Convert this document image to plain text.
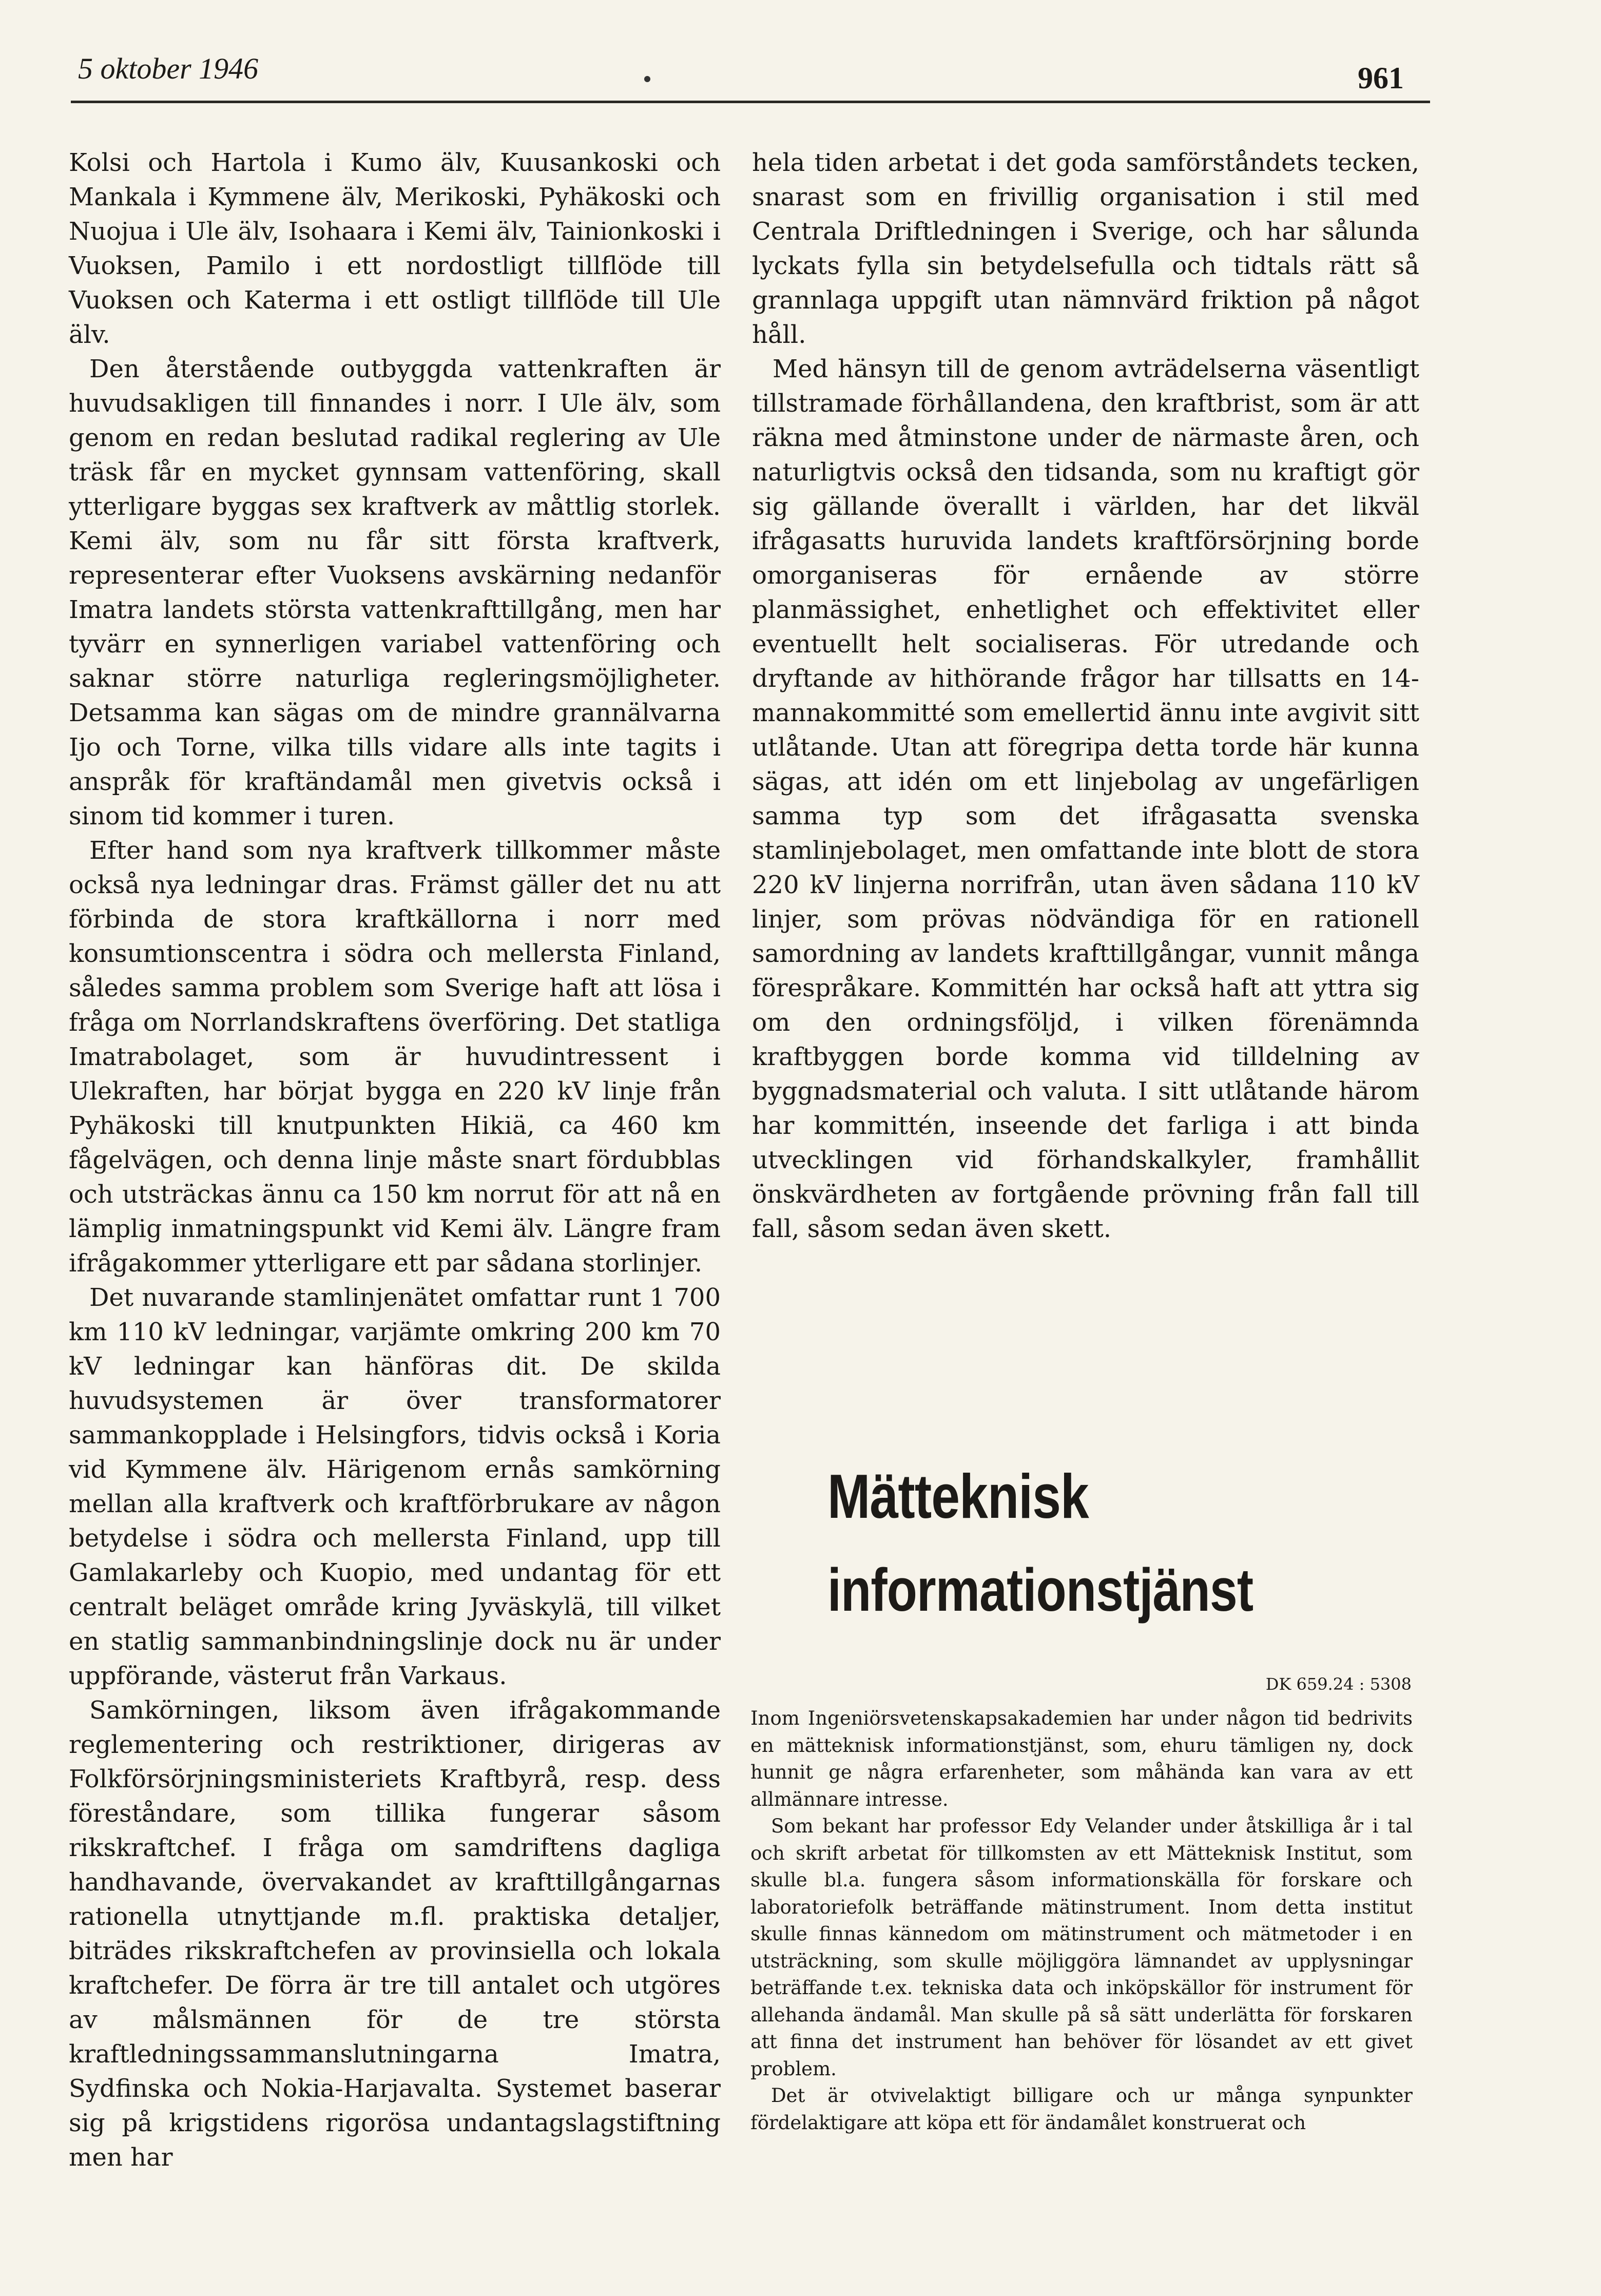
5 oktober 1946	961

Kolsi och Hartola i Kumo älv, Kuusankoski och Mankala i Kymmene älv, Merikoski, Pyhäkoski och Nuojua i Ule älv, Isohaara i Kemi älv, Tainionkoski i Vuoksen, Pamilo i ett nordostligt tillflöde till Vuoksen och Katerma i ett ostligt tillflöde till Ule älv.

Den återstående outbyggda vattenkraften är huvudsakligen till finnandes i norr. I Ule älv, som genom en redan beslutad radikal reglering av Ule träsk får en mycket gynnsam vattenföring, skall ytterligare byggas sex kraftverk av måttlig storlek. Kemi älv, som nu får sitt första kraftverk, representerar efter Vuoksens avskärning nedanför Imatra landets största vattenkrafttillgång, men har tyvärr en synnerligen variabel vattenföring och saknar större naturliga regleringsmöjligheter. Detsamma kan sägas om de mindre grannälvarna Ijo och Torne, vilka tills vidare alls inte tagits i anspråk för kraftändamål men givetvis också i sinom tid kommer i turen.

Efter hand som nya kraftverk tillkommer måste också nya ledningar dras. Främst gäller det nu att förbinda de stora kraftkällorna i norr med konsumtionscentra i södra och mellersta Finland, således samma problem som Sverige haft att lösa i fråga om Norrlandskraftens överföring. Det statliga Imatrabolaget, som är huvudintressent i Ulekraften, har börjat bygga en 220 kV linje från Pyhäkoski till knutpunkten Hikiä, ca 460 km fågelvägen, och denna linje måste snart fördubblas och utsträckas ännu ca 150 km norrut för att nå en lämplig inmatningspunkt vid Kemi älv. Längre fram ifrågakommer ytterligare ett par sådana storlinjer.

Det nuvarande stamlinjenätet omfattar runt 1 700 km 110 kV ledningar, varjämte omkring 200 km 70 kV ledningar kan hänföras dit. De skilda huvudsystemen är över transformatorer sammankopplade i Helsingfors, tidvis också i Koria vid Kymmene älv. Härigenom ernås samkörning mellan alla kraftverk och kraftförbrukare av någon betydelse i södra och mellersta Finland, upp till Gamlakarleby och Kuopio, med undantag för ett centralt beläget område kring Jyväskylä, till vilket en statlig sammanbindningslinje dock nu är under uppförande, västerut från Varkaus.

Samkörningen, liksom även ifrågakommande reglementering och restriktioner, dirigeras av Folkförsörjningsministeriets Kraftbyrå, resp. dess föreståndare, som tillika fungerar såsom rikskraftchef. I fråga om samdriftens dagliga handhavande, övervakandet av krafttillgångarnas rationella utnyttjande m.fl. praktiska detaljer, biträdes rikskraftchefen av provinsiella och lokala kraftchefer. De förra är tre till antalet och utgöres av målsmännen för de tre största kraftledningssammanslutningarna Imatra, Sydfinska och Nokia-Harjavalta. Systemet baserar sig på krigstidens rigorösa undantagslagstiftning men har

hela tiden arbetat i det goda samförståndets tecken, snarast som en frivillig organisation i stil med Centrala Driftledningen i Sverige, och har sålunda lyckats fylla sin betydelsefulla och tidtals rätt så grannlaga uppgift utan nämnvärd friktion på något håll.

Med hänsyn till de genom avträdelserna väsentligt tillstramade förhållandena, den kraftbrist, som är att räkna med åtminstone under de närmaste åren, och naturligtvis också den tidsanda, som nu kraftigt gör sig gällande överallt i världen, har det likväl ifrågasatts huruvida landets kraftförsörjning borde omorganiseras för ernående av större planmässighet, enhetlighet och effektivitet eller eventuellt helt socialiseras. För utredande och dryftande av hithörande frågor har tillsatts en 14-mannakommitté som emellertid ännu inte avgivit sitt utlåtande. Utan att föregripa detta torde här kunna sägas, att idén om ett linjebolag av ungefärligen samma typ som det ifrågasatta svenska stamlinjebolaget, men omfattande inte blott de stora 220 kV linjerna norrifrån, utan även sådana 110 kV linjer, som prövas nödvändiga för en rationell samordning av landets krafttillgångar, vunnit många förespråkare. Kommittén har också haft att yttra sig om den ordningsföljd, i vilken förenämnda kraftbyggen borde komma vid tilldelning av byggnadsmaterial och valuta. I sitt utlåtande härom har kommittén, inseende det farliga i att binda utvecklingen vid förhandskalkyler, framhållit önskvärdheten av fortgående prövning från fall till fall, såsom sedan även skett.

Mätteknisk
informationstjänst
DK 659.24 : 5308

Inom Ingeniörsvetenskapsakademien har under någon tid bedrivits en mätteknisk informationstjänst, som, ehuru tämligen ny, dock hunnit ge några erfarenheter, som måhända kan vara av ett allmännare intresse.

Som bekant har professor Edy Velander under åtskilliga år i tal och skrift arbetat för tillkomsten av ett Mätteknisk Institut, som skulle bl.a. fungera såsom informationskälla för forskare och laboratoriefolk beträffande mätinstrument. Inom detta institut skulle finnas kännedom om mätinstrument och mätmetoder i en utsträckning, som skulle möjliggöra lämnandet av upplysningar beträffande t.ex. tekniska data och inköpskällor för instrument för allehanda ändamål. Man skulle på så sätt underlätta för forskaren att finna det instrument han behöver för lösandet av ett givet problem.

Det är otvivelaktigt billigare och ur många synpunkter fördelaktigare att köpa ett för ändamålet konstruerat och
